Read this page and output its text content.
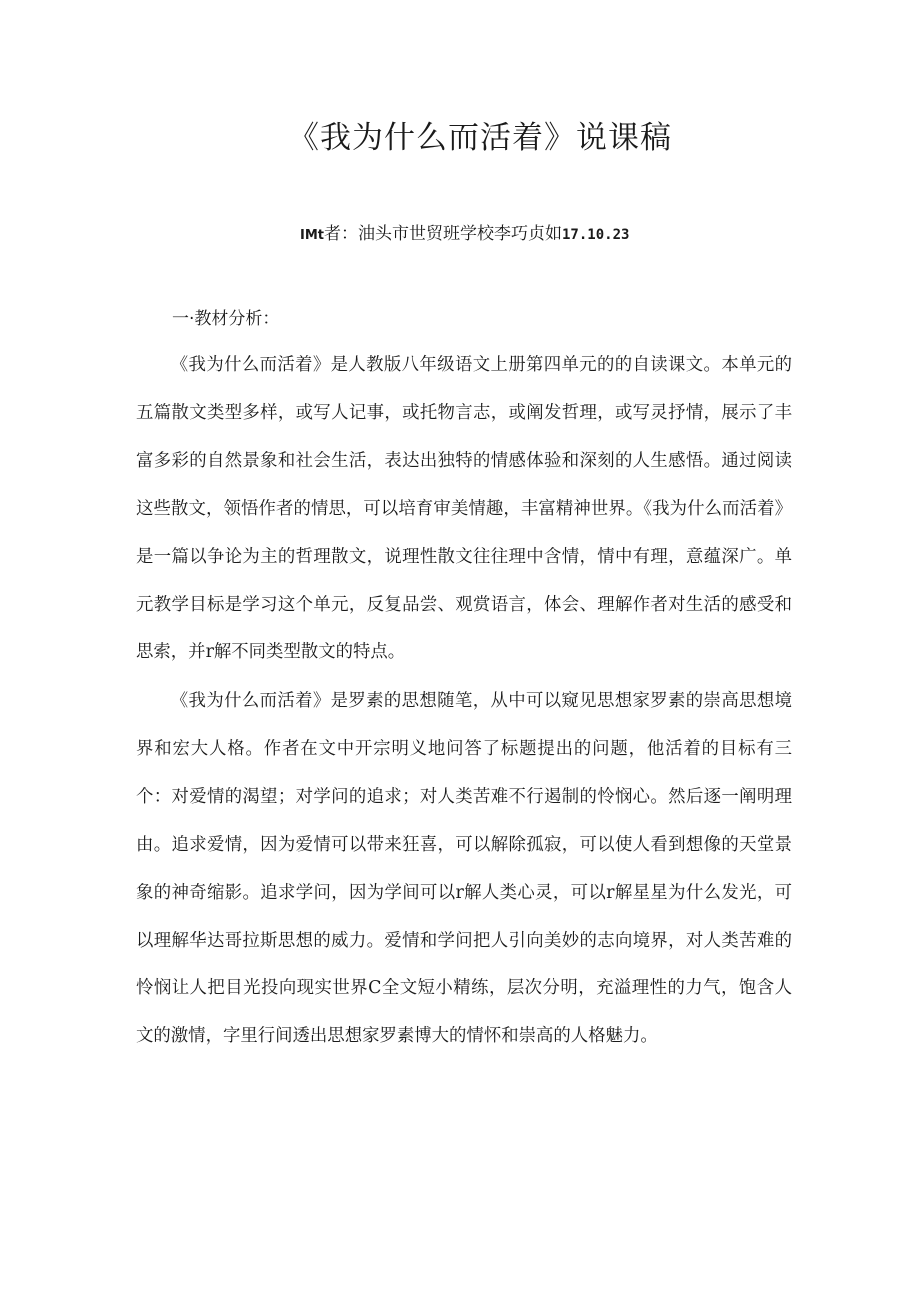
《我为什么而活着》说课稿
IMt者：油头市世贸班学校李巧贞如17.10.23
一·教材分析：

《我为什么而活着》是人教版八年级语文上册第四单元的的自读课文。本单元的五篇散文类型多样，或写人记事，或托物言志，或阐发哲理，或写灵抒情，展示了丰富多彩的自然景象和社会生活，表达出独特的情感体验和深刻的人生感悟。通过阅读这些散文，领悟作者的情思，可以培育审美情趣，丰富精神世界。《我为什么而活着》是一篇以争论为主的哲理散文，说理性散文往往理中含情，情中有理，意蕴深广。单元教学目标是学习这个单元，反复品尝、观赏语言，体会、理解作者对生活的感受和思索，并r解不同类型散文的特点。

《我为什么而活着》是罗素的思想随笔，从中可以窥见思想家罗素的崇高思想境界和宏大人格。作者在文中开宗明义地问答了标题提出的问题，他活着的目标有三个：对爱情的渴望；对学问的追求；对人类苦难不行遏制的怜悯心。然后逐一阐明理由。追求爱情，因为爱情可以带来狂喜，可以解除孤寂，可以使人看到想像的天堂景象的神奇缩影。追求学问，因为学间可以r解人类心灵，可以r解星星为什么发光，可以理解华达哥拉斯思想的威力。爱情和学问把人引向美妙的志向境界，对人类苦难的怜悯让人把目光投向现实世界C全文短小精练，层次分明，充溢理性的力气，饱含人文的激情，字里行间透出思想家罗素博大的情怀和崇高的人格魅力。
